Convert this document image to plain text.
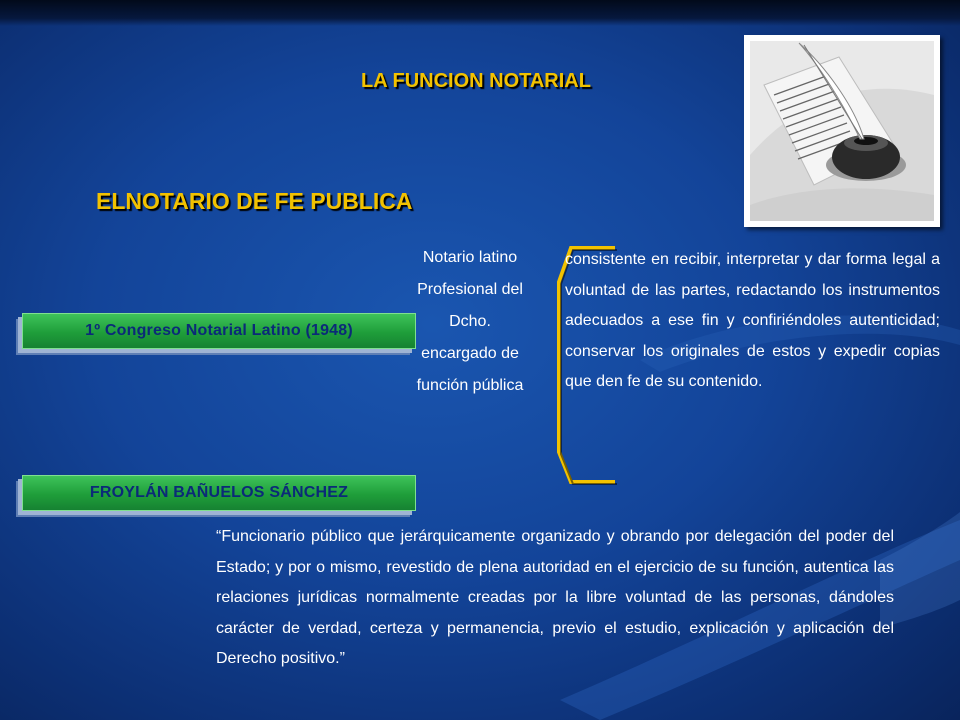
LA FUNCION NOTARIAL
ELNOTARIO DE FE PUBLICA
1º Congreso Notarial Latino (1948)
FROYLÁN BAÑUELOS SÁNCHEZ
Notario latino
Profesional del
Dcho.
encargado de
función pública
consistente en recibir, interpretar y dar forma legal a voluntad de las partes, redactando los instrumentos adecuados a ese fin y confiriéndoles autenticidad; conservar los originales de estos y expedir copias que den fe de su contenido.
“Funcionario público que jerárquicamente organizado y obrando por delegación del poder del Estado; y por o mismo, revestido de plena autoridad en el ejercicio de su función, autentica las relaciones jurídicas normalmente creadas por la libre voluntad de las personas, dándoles carácter de verdad, certeza y permanencia, previo el estudio, explicación y aplicación del Derecho positivo.”
